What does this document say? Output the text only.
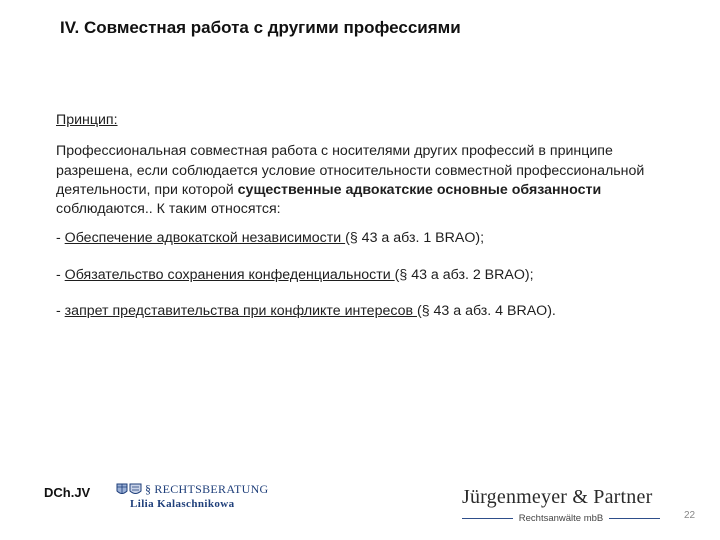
IV. Совместная работа с другими профессиями
Принцип:
Профессиональная совместная работа с носителями других профессий в принципе разрешена, если соблюдается условие относительности совместной профессиональной деятельности, при которой существенные адвокатские основные обязанности соблюдаются.. К таким относятся:
- Обеспечение адвокатской независимости (§ 43 а абз. 1 BRAO);
- Обязательство сохранения конфеденциальности (§ 43 а абз. 2 BRAO);
- запрет представительства при конфликте интересов (§ 43 а абз. 4 BRAO).
DCh.JV	§ RECHTSBERATUNG
Lilia Kalaschnikowa	Jürgenmeyer & Partner
Rechtsanwälte mbB	22
